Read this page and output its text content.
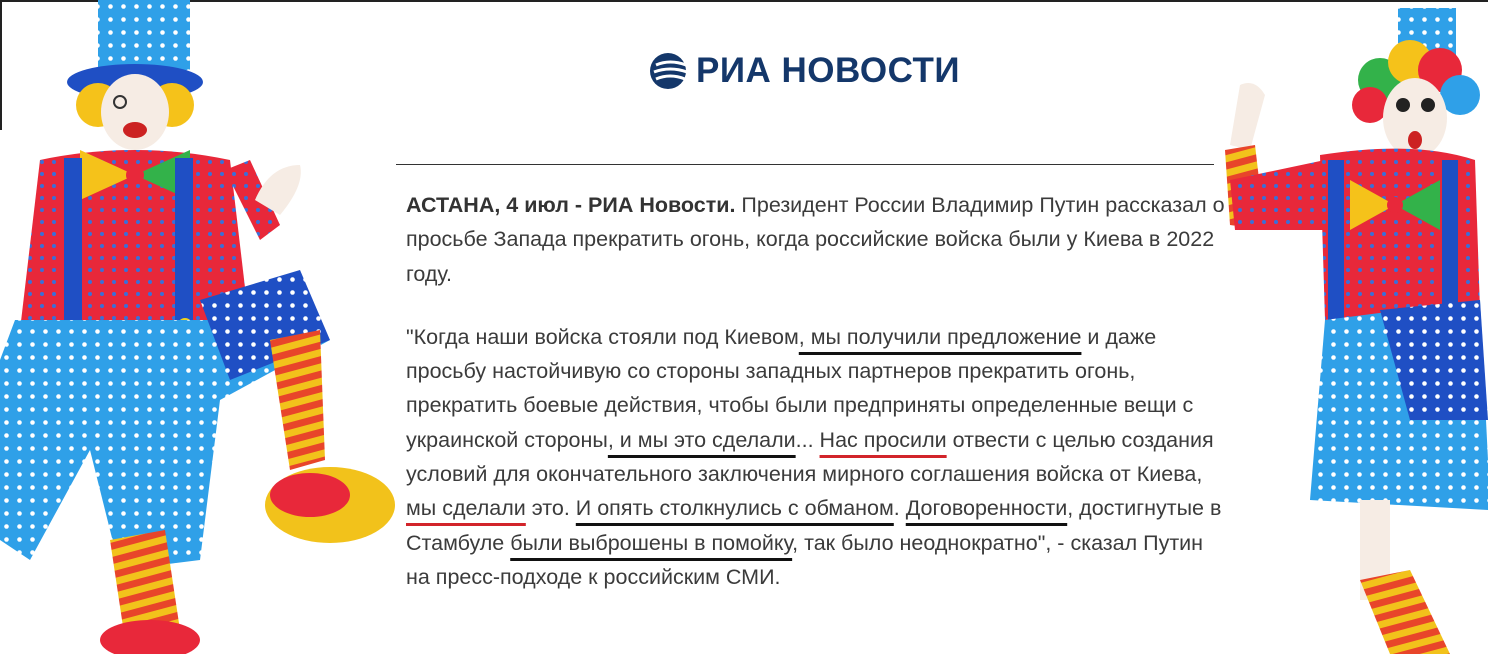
РИА НОВОСТИ

АСТАНА, 4 июл - РИА Новости. Президент России Владимир Путин рассказал о просьбе Запада прекратить огонь, когда российские войска были у Киева в 2022 году.

"Когда наши войска стояли под Киевом, мы получили предложение и даже просьбу настойчивую со стороны западных партнеров прекратить огонь, прекратить боевые действия, чтобы были предприняты определенные вещи с украинской стороны, и мы это сделали... Нас просили отвести с целью создания условий для окончательного заключения мирного соглашения войска от Киева, мы сделали это. И опять столкнулись с обманом. Договоренности, достигнутые в Стамбуле были выброшены в помойку, так было неоднократно", - сказал Путин на пресс-подходе к российским СМИ.
